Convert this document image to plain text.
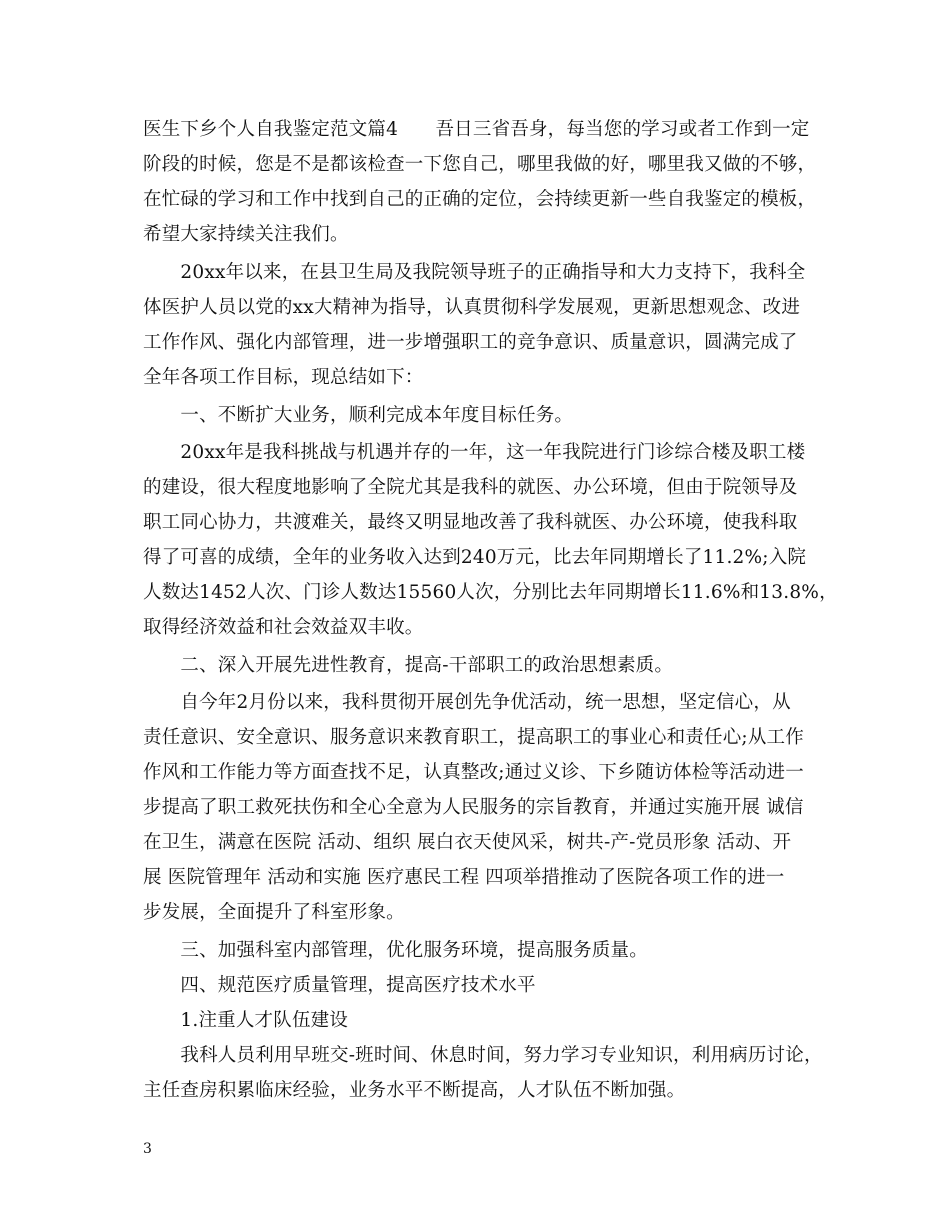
医生下乡个人自我鉴定范文篇4　　吾日三省吾身，每当您的学习或者工作到一定
阶段的时候，您是不是都该检查一下您自己，哪里我做的好，哪里我又做的不够，
在忙碌的学习和工作中找到自己的正确的定位，会持续更新一些自我鉴定的模板，
希望大家持续关注我们。
　　20xx年以来，在县卫生局及我院领导班子的正确指导和大力支持下，我科全
体医护人员以党的xx大精神为指导，认真贯彻科学发展观，更新思想观念、改进
工作作风、强化内部管理，进一步增强职工的竞争意识、质量意识，圆满完成了
全年各项工作目标，现总结如下：
　　一、不断扩大业务，顺利完成本年度目标任务。
　　20xx年是我科挑战与机遇并存的一年，这一年我院进行门诊综合楼及职工楼
的建设，很大程度地影响了全院尤其是我科的就医、办公环境，但由于院领导及
职工同心协力，共渡难关，最终又明显地改善了我科就医、办公环境，使我科取
得了可喜的成绩，全年的业务收入达到240万元，比去年同期增长了11.2%;入院
人数达1452人次、门诊人数达15560人次，分别比去年同期增长11.6%和13.8%，
取得经济效益和社会效益双丰收。
　　二、深入开展先进性教育，提高-干部职工的政治思想素质。
　　自今年2月份以来，我科贯彻开展创先争优活动，统一思想，坚定信心，从
责任意识、安全意识、服务意识来教育职工，提高职工的事业心和责任心;从工作
作风和工作能力等方面查找不足，认真整改;通过义诊、下乡随访体检等活动进一
步提高了职工救死扶伤和全心全意为人民服务的宗旨教育，并通过实施开展 诚信
在卫生，满意在医院 活动、组织 展白衣天使风采，树共-产-党员形象 活动、开
展 医院管理年 活动和实施 医疗惠民工程 四项举措推动了医院各项工作的进一
步发展，全面提升了科室形象。
　　三、加强科室内部管理，优化服务环境，提高服务质量。
　　四、规范医疗质量管理，提高医疗技术水平
　　1.注重人才队伍建设
　　我科人员利用早班交-班时间、休息时间，努力学习专业知识，利用病历讨论，
主任查房积累临床经验，业务水平不断提高，人才队伍不断加强。
3
